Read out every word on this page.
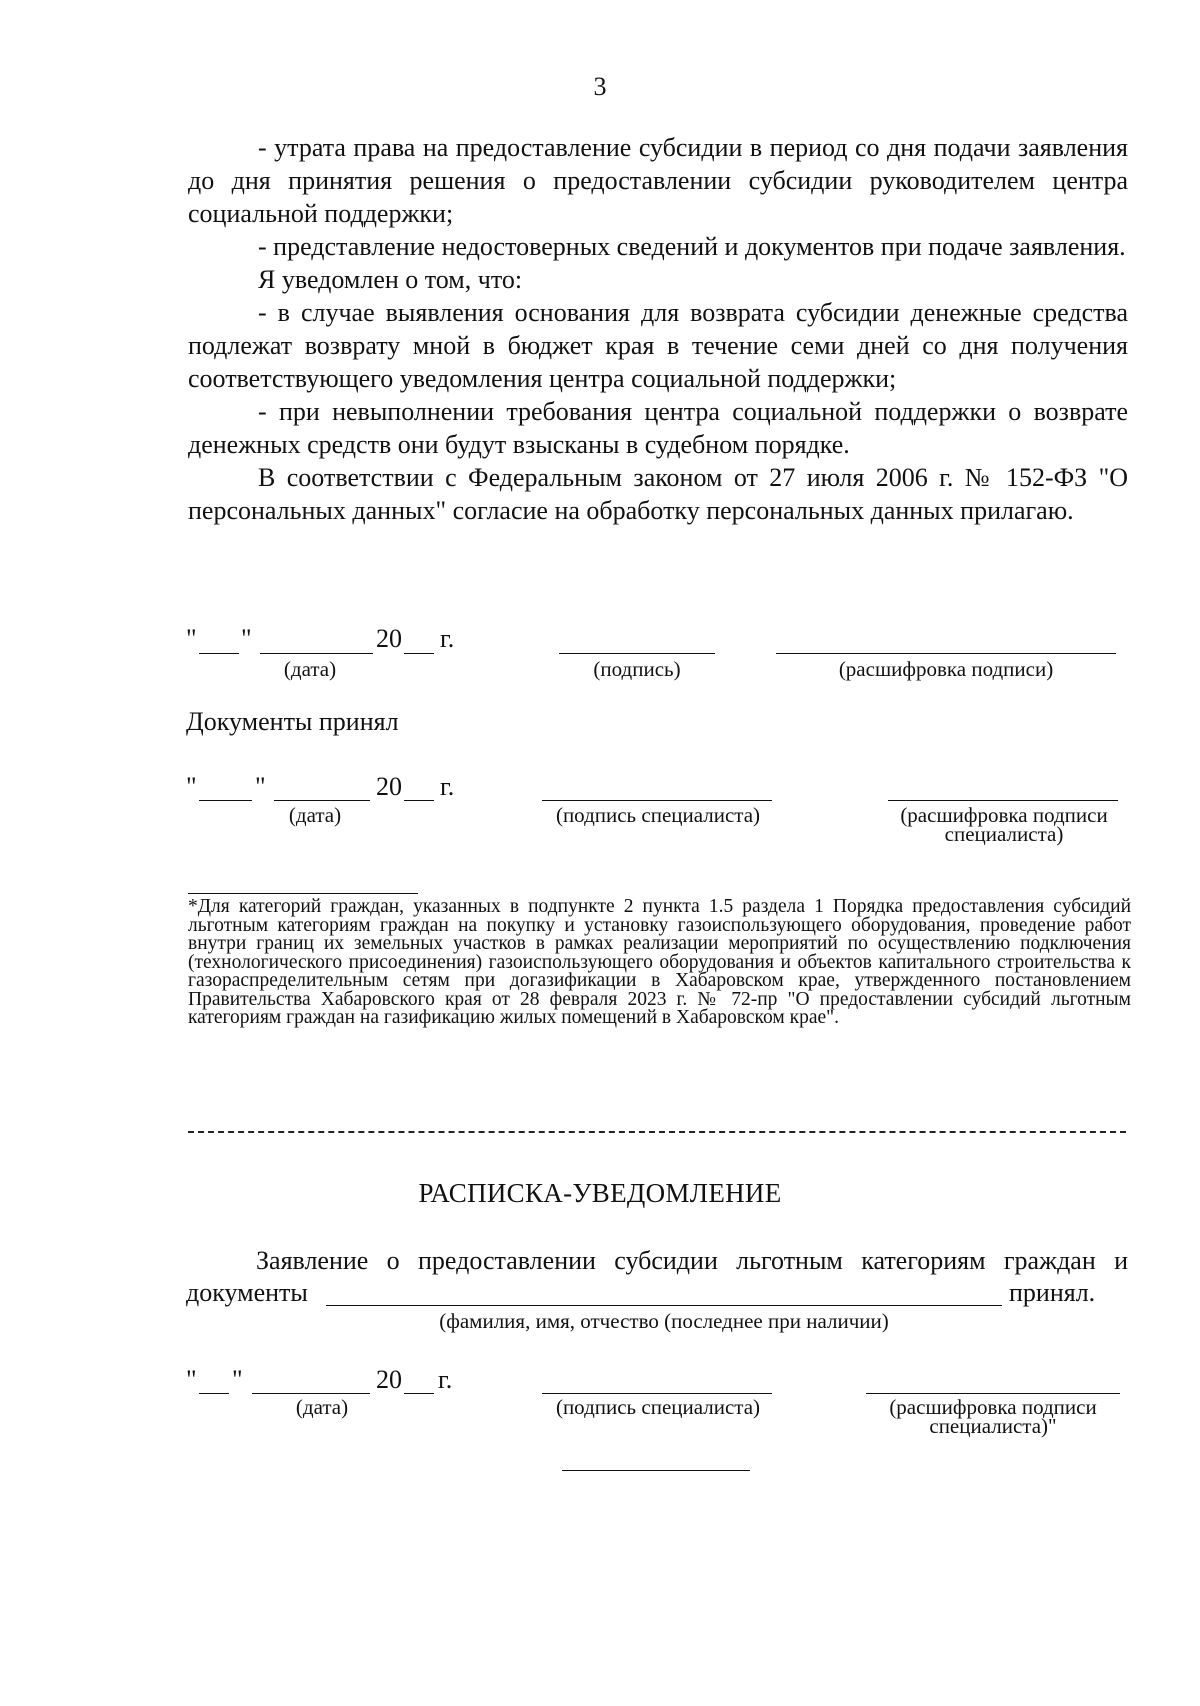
3

- утрата права на предоставление субсидии в период со дня подачи заявления до дня принятия решения о предоставлении субсидии руководителем центра социальной поддержки;

- представление недостоверных сведений и документов при подаче заявления.

Я уведомлен о том, что:

- в случае выявления основания для возврата субсидии денежные средства подлежат возврату мной в бюджет края в течение семи дней со дня получения соответствующего уведомления центра социальной поддержки;

- при невыполнении требования центра социальной поддержки о возврате денежных средств они будут взысканы в судебном порядке.

В соответствии с Федеральным законом от 27 июля 2006 г. № 152-ФЗ "О персональных данных" согласие на обработку персональных данных прилагаю.

" "	20 г.
(дата)	(подпись)	(расшифровка подписи)
Документы принял
" "	20 г.
(дата)	(подпись специалиста)	(расшифровка подписи
специалиста)
*Для категорий граждан, указанных в подпункте 2 пункта 1.5 раздела 1 Порядка предоставления субсидий льготным категориям граждан на покупку и установку газоиспользующего оборудования, проведение работ внутри границ их земельных участков в рамках реализации мероприятий по осуществлению подключения (технологического присоединения) газоиспользующего оборудования и объектов капитального строительства к газораспределительным сетям при догазификации в Хабаровском крае, утвержденного постановлением Правительства Хабаровского края от 28 февраля 2023 г. № 72-пр "О предоставлении субсидий льготным категориям граждан на газификацию жилых помещений в Хабаровском крае".
РАСПИСКА-УВЕДОМЛЕНИЕ
Заявление о предоставлении субсидии льготным категориям граждан и
документы	принял.
(фамилия, имя, отчество (последнее при наличии)
" "	20 г.
(дата)	(подпись специалиста)	(расшифровка подписи
специалиста)"
